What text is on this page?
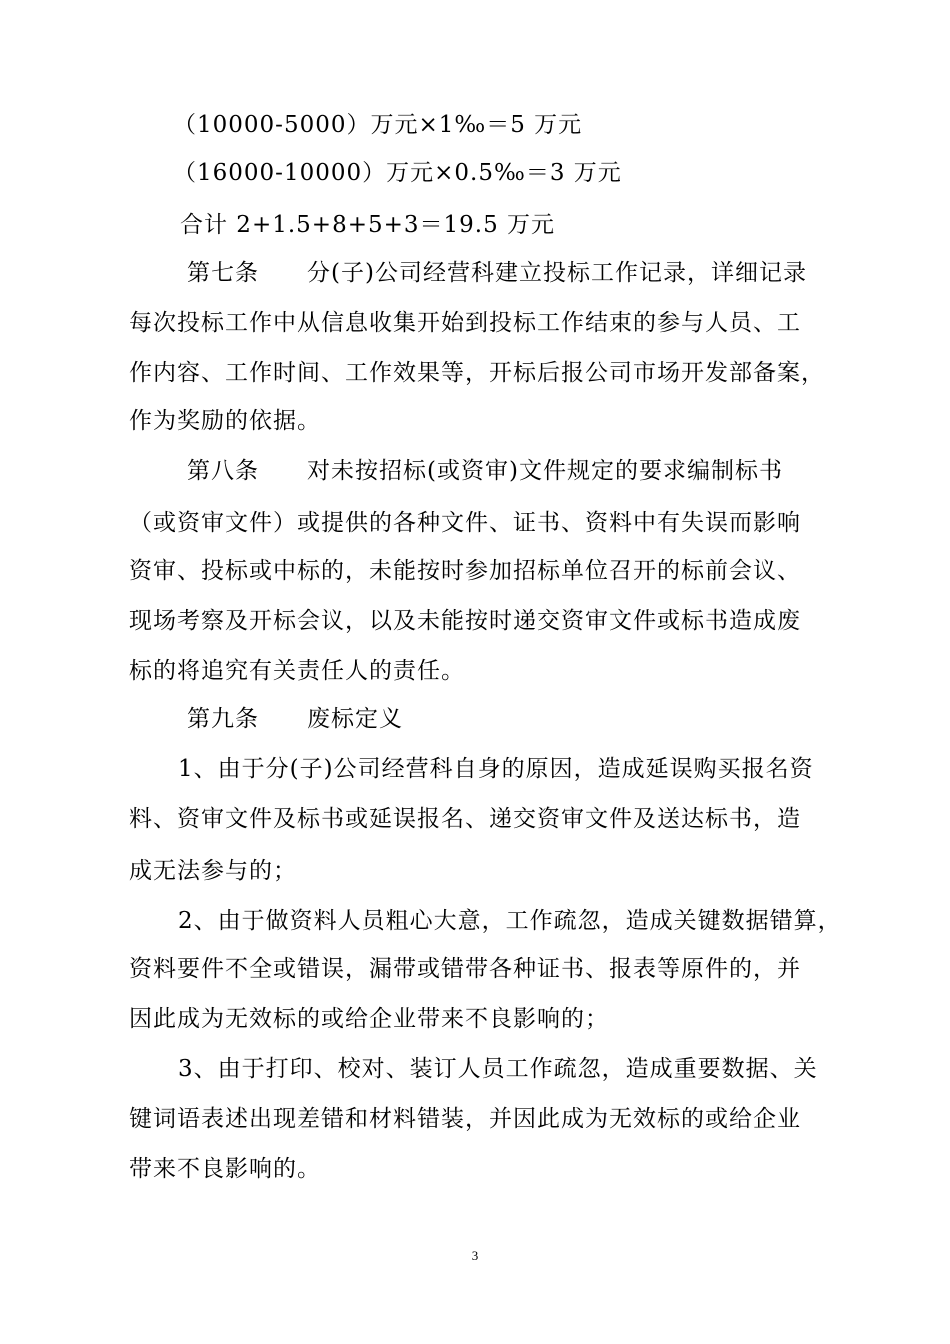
（10000-5000）万元×1‰＝5 万元
（16000-10000）万元×0.5‰＝3 万元
合计 2+1.5+8+5+3＝19.5 万元
第七条　　分(子)公司经营科建立投标工作记录，详细记录
每次投标工作中从信息收集开始到投标工作结束的参与人员、工
作内容、工作时间、工作效果等，开标后报公司市场开发部备案，
作为奖励的依据。
第八条　　对未按招标(或资审)文件规定的要求编制标书
（或资审文件）或提供的各种文件、证书、资料中有失误而影响
资审、投标或中标的，未能按时参加招标单位召开的标前会议、
现场考察及开标会议，以及未能按时递交资审文件或标书造成废
标的将追究有关责任人的责任。
第九条　　废标定义
1、由于分(子)公司经营科自身的原因，造成延误购买报名资
料、资审文件及标书或延误报名、递交资审文件及送达标书，造
成无法参与的；
2、由于做资料人员粗心大意，工作疏忽，造成关键数据错算，
资料要件不全或错误，漏带或错带各种证书、报表等原件的，并
因此成为无效标的或给企业带来不良影响的；
3、由于打印、校对、装订人员工作疏忽，造成重要数据、关
键词语表述出现差错和材料错装，并因此成为无效标的或给企业
带来不良影响的。
3
